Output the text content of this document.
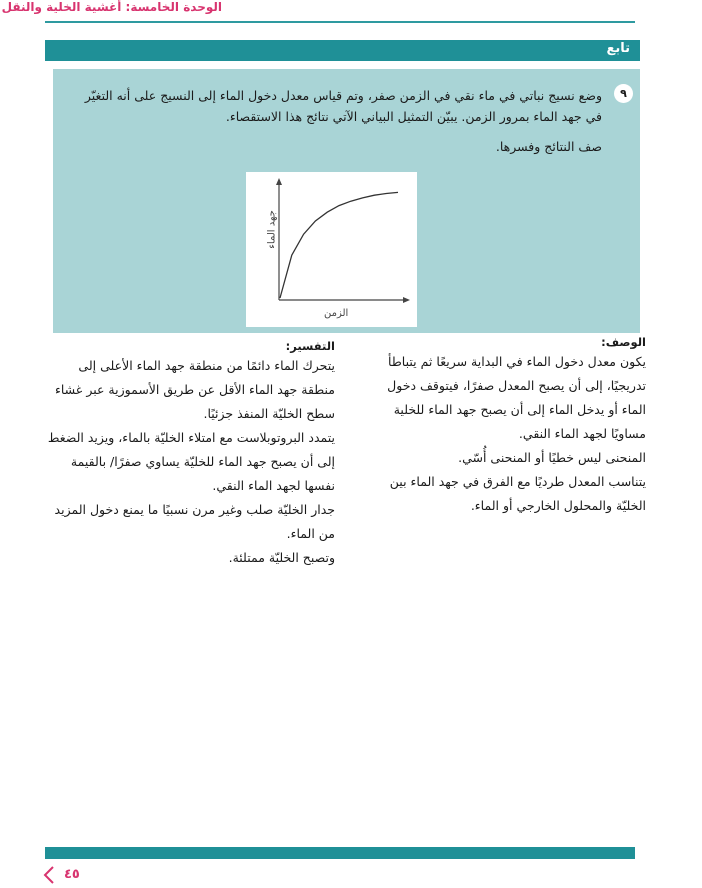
الوحدة الخامسة: أغشية الخلية والنقل
تابع
٩

وضع نسيج نباتي في ماء نقي في الزمن صفر، وتم قياس معدل دخول الماء إلى النسيج على أنه التغيّر

في جهد الماء بمرور الزمن. يبيّن التمثيل البياني الآتي نتائج هذا الاستقصاء.

صف النتائج وفسرها.

جهد الماء
الزمن

الوصف:

يكون معدل دخول الماء في البداية سريعًا ثم يتباطأ تدريجيًا، إلى أن يصبح المعدل صفرًا، فيتوقف دخول الماء أو يدخل الماء إلى أن يصبح جهد الماء للخلية مساويًا لجهد الماء النقي.

المنحنى ليس خطيًا أو المنحنى أُسّي.

يتناسب المعدل طرديًا مع الفرق في جهد الماء بين الخليّة والمحلول الخارجي أو الماء.

التفسير:

يتحرك الماء دائمًا من منطقة جهد الماء الأعلى إلى منطقة جهد الماء الأقل عن طريق الأسموزية عبر غشاء سطح الخليّة المنفذ جزئيًا.

يتمدد البروتوبلاست مع امتلاء الخليّة بالماء، ويزيد الضغط إلى أن يصبح جهد الماء للخليّة يساوي صفرًا/ بالقيمة نفسها لجهد الماء النقي.

جدار الخليّة صلب وغير مرن نسبيًا ما يمنع دخول المزيد من الماء.

وتصبح الخليّة ممتلئة.

٤٥
